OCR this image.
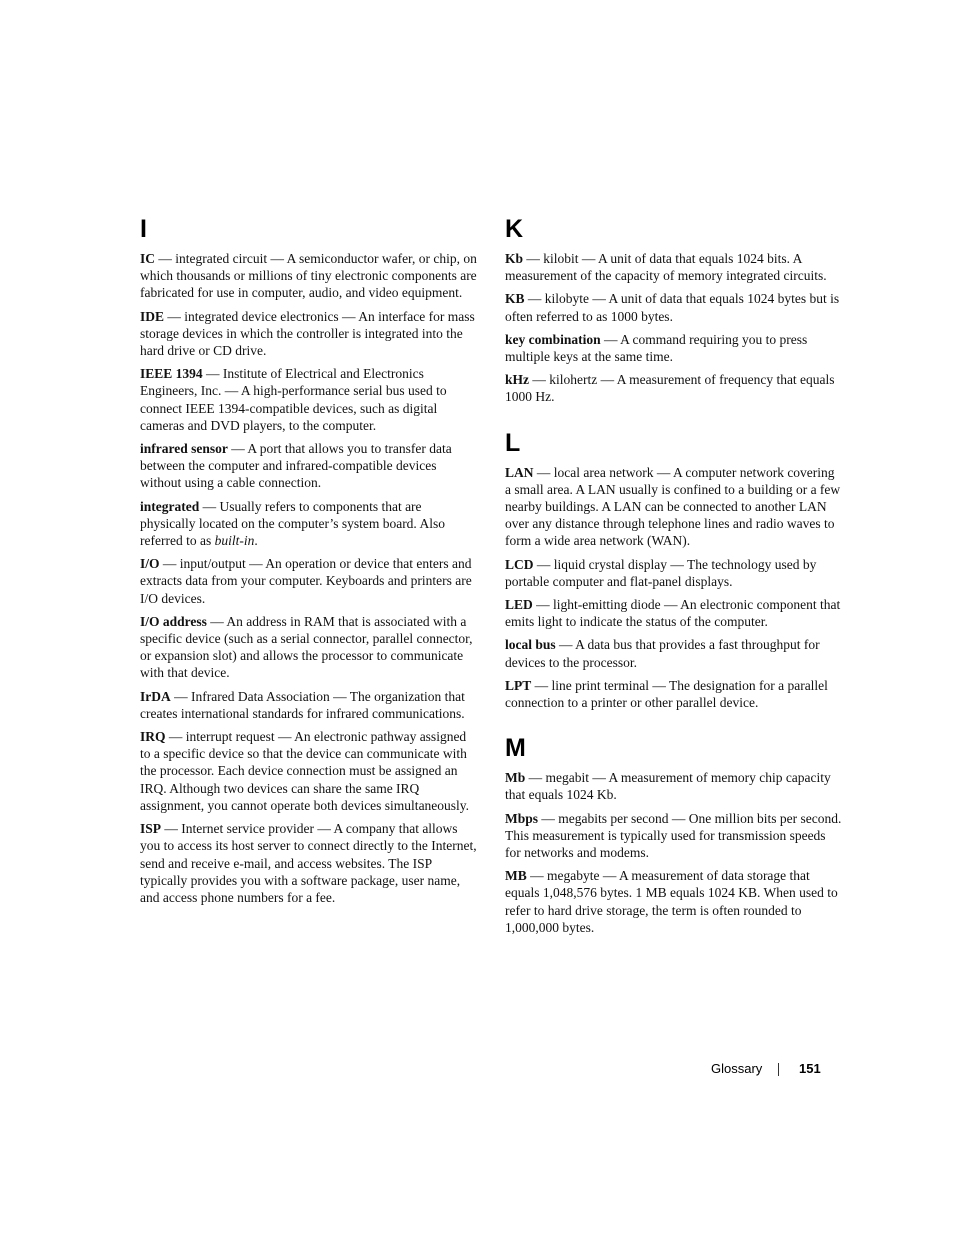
I

IC — integrated circuit — A semiconductor wafer, or chip, on which thousands or millions of tiny electronic components are fabricated for use in computer, audio, and video equipment.

IDE — integrated device electronics — An interface for mass storage devices in which the controller is integrated into the hard drive or CD drive.

IEEE 1394 — Institute of Electrical and Electronics Engineers, Inc. — A high-performance serial bus used to connect IEEE 1394-compatible devices, such as digital cameras and DVD players, to the computer.

infrared sensor — A port that allows you to transfer data between the computer and infrared-compatible devices without using a cable connection.

integrated — Usually refers to components that are physically located on the computer’s system board. Also referred to as built-in.

I/O — input/output — An operation or device that enters and extracts data from your computer. Keyboards and printers are I/O devices.

I/O address — An address in RAM that is associated with a specific device (such as a serial connector, parallel connector, or expansion slot) and allows the processor to communicate with that device.

IrDA — Infrared Data Association — The organization that creates international standards for infrared communications.

IRQ — interrupt request — An electronic pathway assigned to a specific device so that the device can communicate with the processor. Each device connection must be assigned an IRQ. Although two devices can share the same IRQ assignment, you cannot operate both devices simultaneously.

ISP — Internet service provider — A company that allows you to access its host server to connect directly to the Internet, send and receive e-mail, and access websites. The ISP typically provides you with a software package, user name, and access phone numbers for a fee.

K

Kb — kilobit — A unit of data that equals 1024 bits. A measurement of the capacity of memory integrated circuits.

KB — kilobyte — A unit of data that equals 1024 bytes but is often referred to as 1000 bytes.

key combination — A command requiring you to press multiple keys at the same time.

kHz — kilohertz — A measurement of frequency that equals 1000 Hz.

L

LAN — local area network — A computer network covering a small area. A LAN usually is confined to a building or a few nearby buildings. A LAN can be connected to another LAN over any distance through telephone lines and radio waves to form a wide area network (WAN).

LCD — liquid crystal display — The technology used by portable computer and flat-panel displays.

LED — light-emitting diode — An electronic component that emits light to indicate the status of the computer.

local bus — A data bus that provides a fast throughput for devices to the processor.

LPT — line print terminal — The designation for a parallel connection to a printer or other parallel device.

M

Mb — megabit — A measurement of memory chip capacity that equals 1024 Kb.

Mbps — megabits per second — One million bits per second. This measurement is typically used for transmission speeds for networks and modems.

MB — megabyte — A measurement of data storage that equals 1,048,576 bytes. 1 MB equals 1024 KB. When used to refer to hard drive storage, the term is often rounded to 1,000,000 bytes.

Glossary	151
